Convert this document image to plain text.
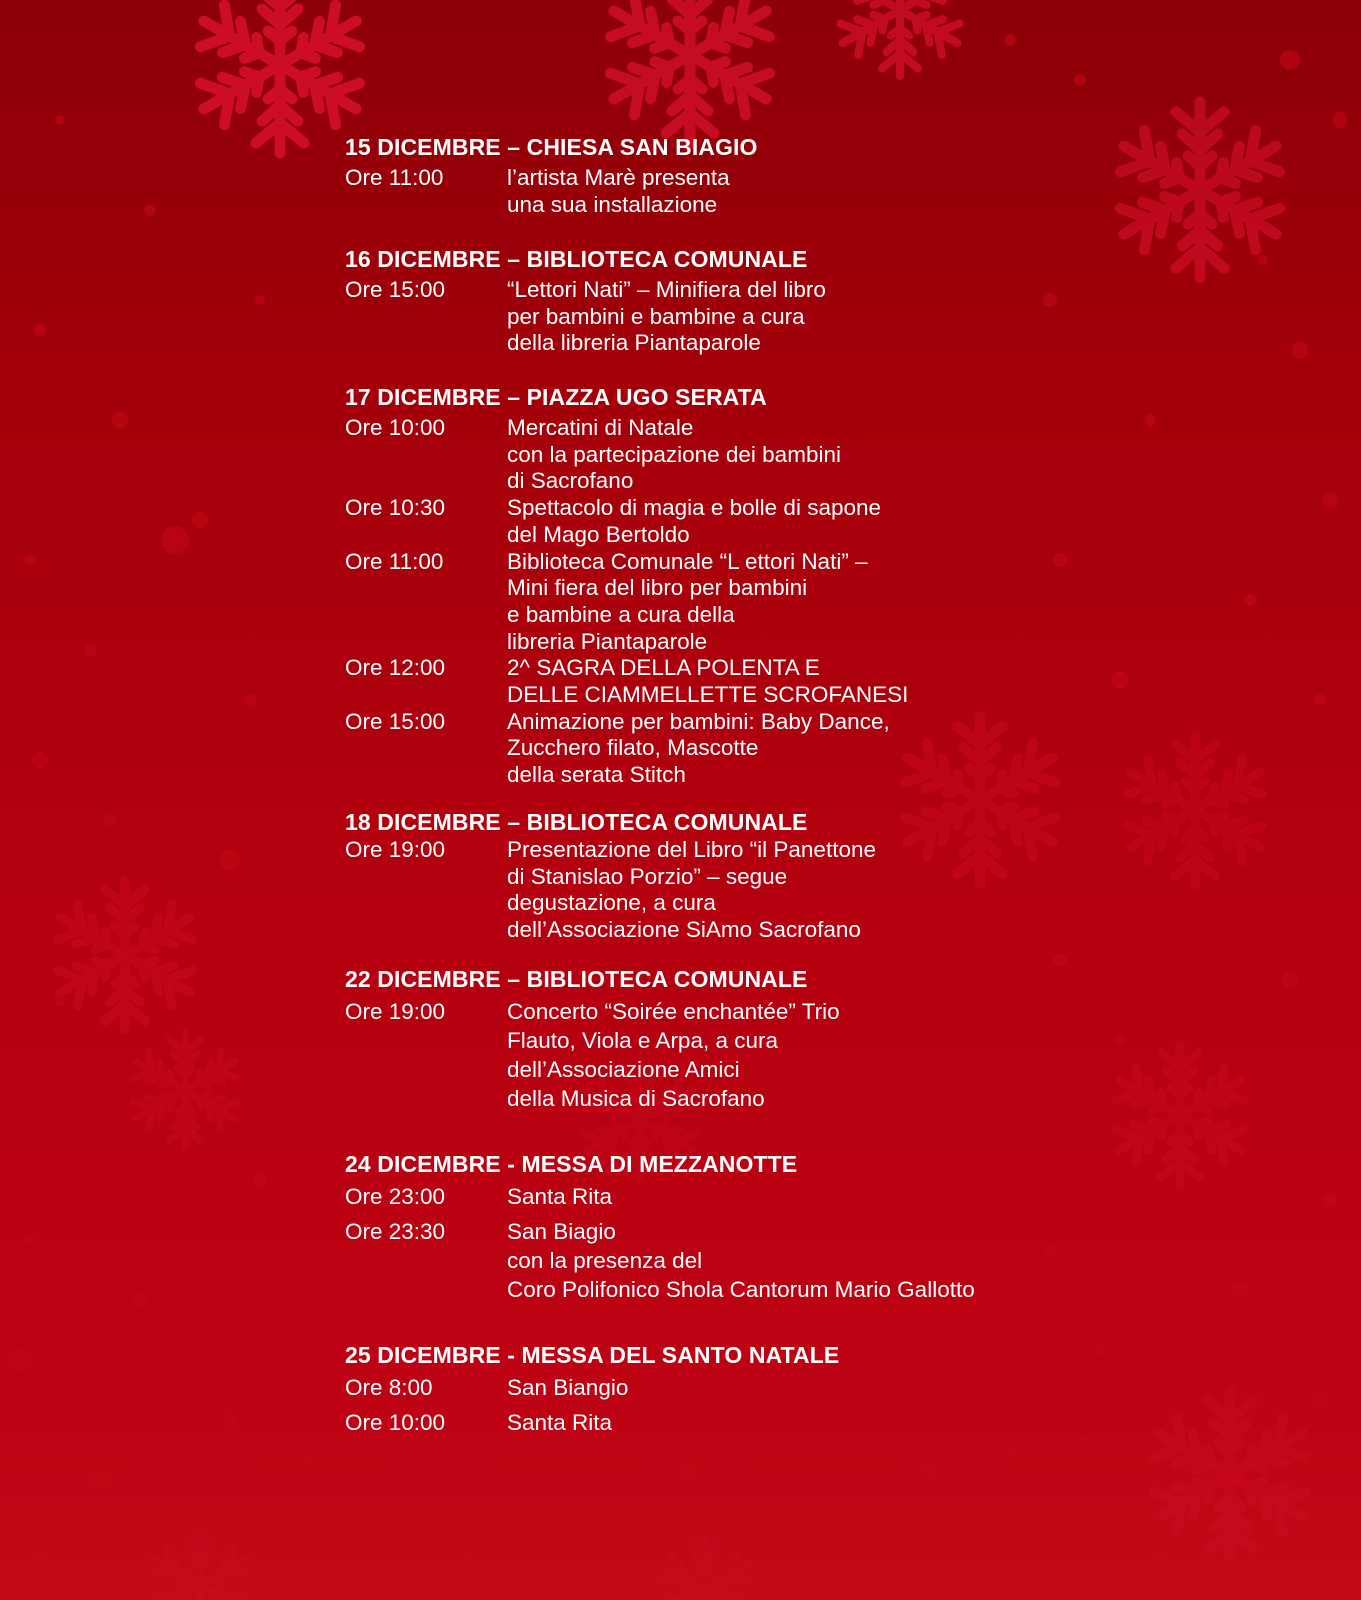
15 DICEMBRE – CHIESA SAN BIAGIO
Ore 11:00	l’artista Marè presenta
una sua installazione
16 DICEMBRE – BIBLIOTECA COMUNALE
Ore 15:00	“Lettori Nati” – Minifiera del libro
per bambini e bambine a cura
della libreria Piantaparole
17 DICEMBRE – PIAZZA UGO SERATA
Ore 10:00	Mercatini di Natale
con la partecipazione dei bambini
di Sacrofano
Ore 10:30	Spettacolo di magia e bolle di sapone
del Mago Bertoldo
Ore 11:00	Biblioteca Comunale “L ettori Nati” –
Mini fiera del libro per bambini
e bambine a cura della
libreria Piantaparole
Ore 12:00	2^ SAGRA DELLA POLENTA E
DELLE CIAMMELLETTE SCROFANESI
Ore 15:00	Animazione per bambini: Baby Dance,
Zucchero filato, Mascotte
della serata Stitch
18 DICEMBRE – BIBLIOTECA COMUNALE
Ore 19:00	Presentazione del Libro “il Panettone
di Stanislao Porzio” – segue
degustazione, a cura
dell’Associazione SiAmo Sacrofano
22 DICEMBRE – BIBLIOTECA COMUNALE
Ore 19:00	Concerto “Soirée enchantée” Trio
Flauto, Viola e Arpa, a cura
dell’Associazione Amici
della Musica di Sacrofano
24 DICEMBRE - MESSA DI MEZZANOTTE
Ore 23:00	Santa Rita
Ore 23:30	San Biagio
con la presenza del
Coro Polifonico Shola Cantorum Mario Gallotto
25 DICEMBRE - MESSA DEL SANTO NATALE
Ore 8:00	San Biangio
Ore 10:00	Santa Rita
